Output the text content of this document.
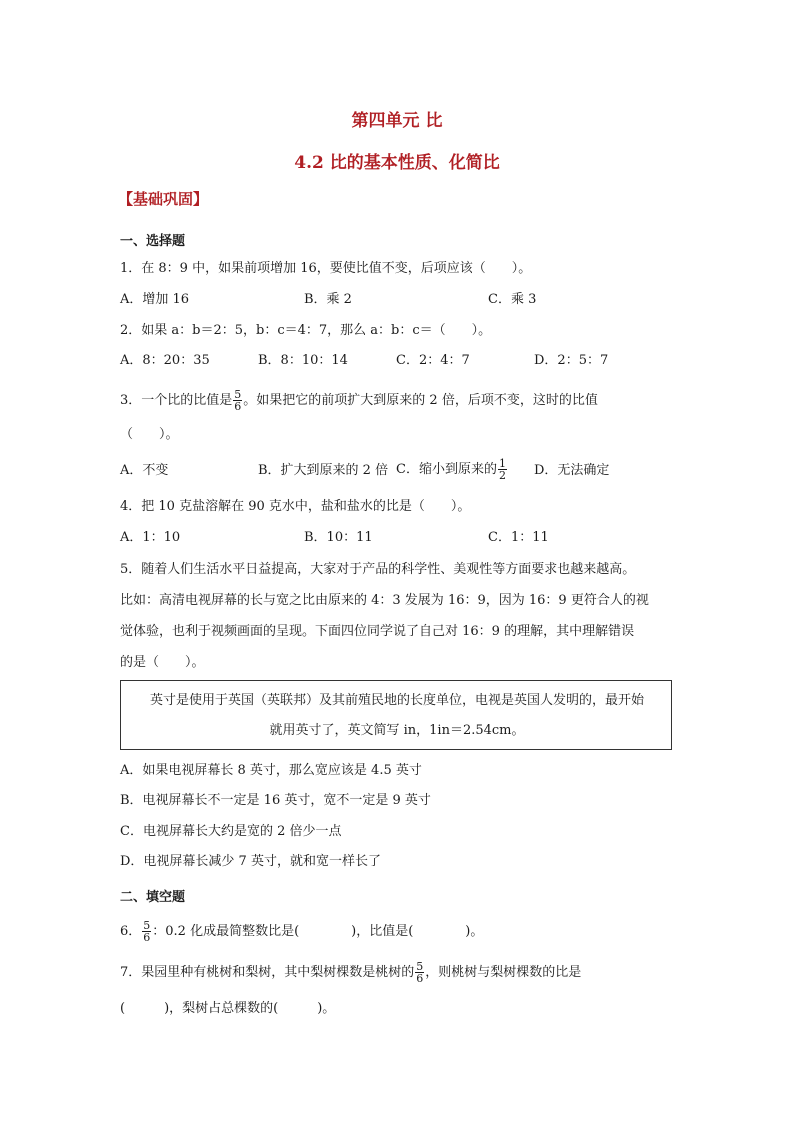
第四单元 比
4.2 比的基本性质、化简比
【基础巩固】
一、选择题
1．在 8：9 中，如果前项增加 16，要使比值不变，后项应该（　　）。
A．增加 16	B．乘 2	C．乘 3
2．如果 a：b＝2：5，b：c＝4：7，那么 a：b：c＝（　　）。
A．8：20：35	B．8：10：14	C．2：4：7	D．2：5：7
3．一个比的比值是 $\frac{5}{6}$ 。如果把它的前项扩大到原来的 2 倍，后项不变，这时的比值
（　　）。
A．不变	B．扩大到原来的 2 倍 C．缩小到原来的 $\frac{1}{2}$ D．无法确定
4．把 10 克盐溶解在 90 克水中，盐和盐水的比是（　　）。
A．1：10	B．10：11	C．1：11
5．随着人们生活水平日益提高，大家对于产品的科学性、美观性等方面要求也越来越高。
比如：高清电视屏幕的长与宽之比由原来的 4：3 发展为 16：9，因为 16：9 更符合人的视
觉体验，也利于视频画面的呈现。下面四位同学说了自己对 16：9 的理解，其中理解错误
的是（　　）。
英寸是使用于英国（英联邦）及其前殖民地的长度单位，电视是英国人发明的，最开始
就用英寸了，英文简写 in，1in＝2.54cm。
A．如果电视屏幕长 8 英寸，那么宽应该是 4.5 英寸
B．电视屏幕长不一定是 16 英寸，宽不一定是 9 英寸
C．电视屏幕长大约是宽的 2 倍少一点
D．电视屏幕长减少 7 英寸，就和宽一样长了
二、填空题
6． $\frac{5}{6}$ ：0.2 化成最简整数比是(　　　　)，比值是(　　　　)。
7．果园里种有桃树和梨树，其中梨树棵数是桃树的 $\frac{5}{6}$ ，则桃树与梨树棵数的比是
(　　　)，梨树占总棵数的(　　　)。
